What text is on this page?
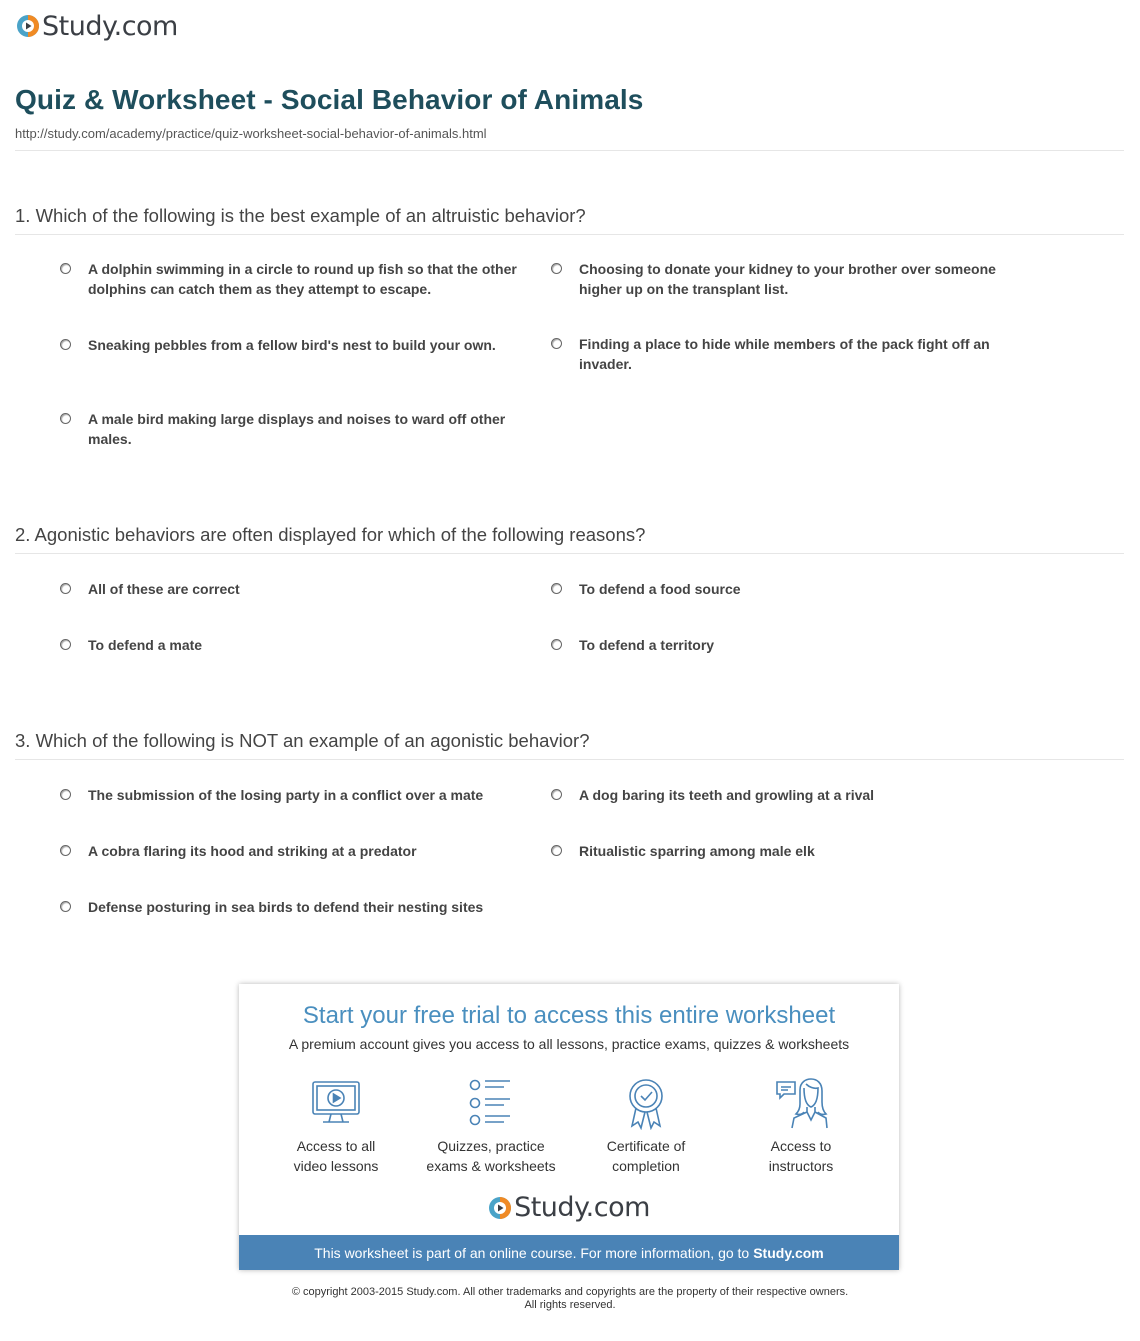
Study.com
Quiz & Worksheet - Social Behavior of Animals
http://study.com/academy/practice/quiz-worksheet-social-behavior-of-animals.html
1. Which of the following is the best example of an altruistic behavior?
A dolphin swimming in a circle to round up fish so that the other dolphins can catch them as they attempt to escape.
Choosing to donate your kidney to your brother over someone higher up on the transplant list.
Sneaking pebbles from a fellow bird's nest to build your own.	Finding a place to hide while members of the pack fight off an invader.
A male bird making large displays and noises to ward off other males.
2. Agonistic behaviors are often displayed for which of the following reasons?
All of these are correct	To defend a food source
To defend a mate	To defend a territory
3. Which of the following is NOT an example of an agonistic behavior?
The submission of the losing party in a conflict over a mate	A dog baring its teeth and growling at a rival
A cobra flaring its hood and striking at a predator	Ritualistic sparring among male elk
Defense posturing in sea birds to defend their nesting sites
Start your free trial to access this entire worksheet
A premium account gives you access to all lessons, practice exams, quizzes & worksheets
Access to all
video lessons
Quizzes, practice
exams & worksheets
Certificate of
completion
Access to
instructors
Study.com
This worksheet is part of an online course. For more information, go to Study.com
© copyright 2003-2015 Study.com. All other trademarks and copyrights are the property of their respective owners.
All rights reserved.
